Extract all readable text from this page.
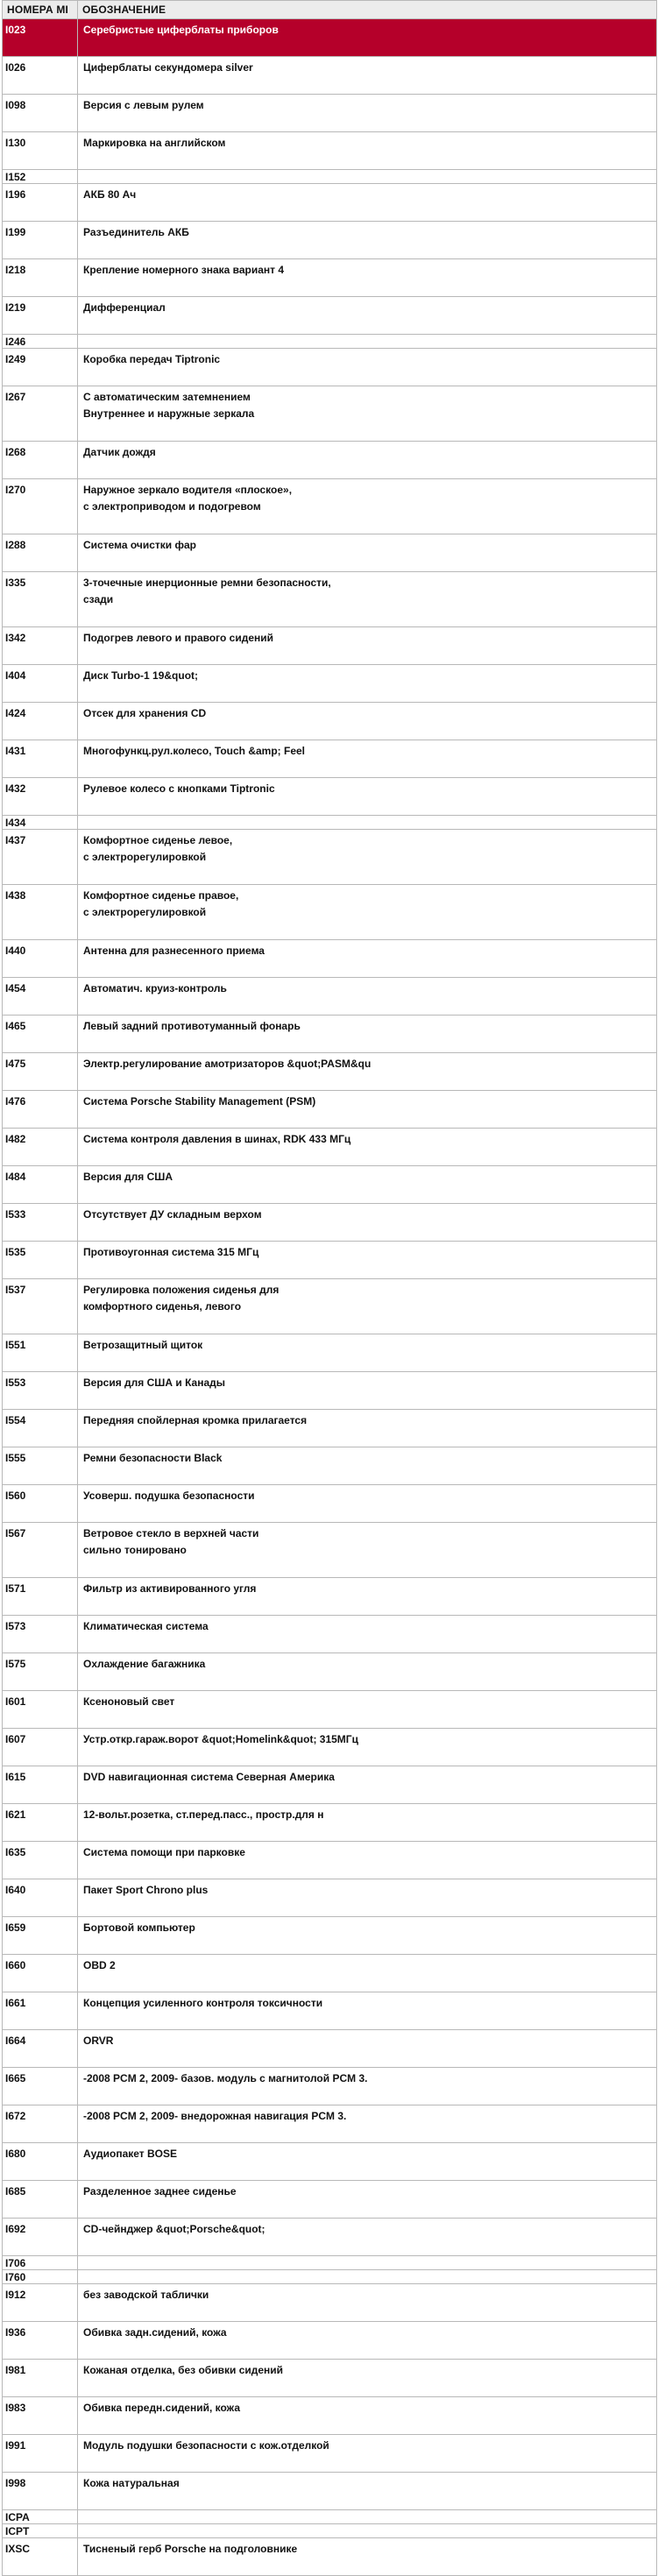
НОМЕРА МІ	ОБОЗНАЧЕНИЕ
I023	Серебристые циферблаты приборов

I026	Циферблаты секундомера silver

I098	Версия с левым рулем

I130	Маркировка на английском

I152	
I196	АКБ 80 Ач

I199	Разъединитель АКБ

I218	Крепление номерного знака вариант 4

I219	Дифференциал

I246	
I249	Коробка передач Tiptronic

I267	С автоматическим затемнением
Внутреннее и наружные зеркала

I268	Датчик дождя

I270	Наружное зеркало водителя «плоское»,
с электроприводом и подогревом

I288	Система очистки фар

I335	3-точечные инерционные ремни безопасности,
сзади

I342	Подогрев левого и правого сидений

I404	Диск Turbo-1 19&quot;

I424	Отсек для хранения CD

I431	Многофункц.рул.колесо, Touch &amp; Feel

I432	Рулевое колесо с кнопками Tiptronic

I434	
I437	Комфортное сиденье левое,
с электрорегулировкой

I438	Комфортное сиденье правое,
с электрорегулировкой

I440	Антенна для разнесенного приема

I454	Автоматич. круиз-контроль

I465	Левый задний противотуманный фонарь

I475	Электр.регулирование амотризаторов &quot;PASM&qu

I476	Система Porsche Stability Management (PSM)

I482	Система контроля давления в шинах, RDK 433 МГц

I484	Версия для США

I533	Отсутствует ДУ складным верхом

I535	Противоугонная система 315 МГц

I537	Регулировка положения сиденья для
комфортного сиденья, левого

I551	Ветрозащитный щиток

I553	Версия для США и Канады

I554	Передняя спойлерная кромка прилагается

I555	Ремни безопасности Black

I560	Усоверш. подушка безопасности

I567	Ветровое стекло в верхней части
сильно тонировано

I571	Фильтр из активированного угля

I573	Климатическая система

I575	Охлаждение багажника

I601	Ксеноновый свет

I607	Устр.откр.гараж.ворот &quot;Homelink&quot; 315МГц

I615	DVD навигационная система Северная Америка

I621	12-вольт.розетка, ст.перед.пасс., простр.для н

I635	Система помощи при парковке

I640	Пакет Sport Chrono plus

I659	Бортовой компьютер

I660	OBD 2

I661	Концепция усиленного контроля токсичности

I664	ORVR

I665	-2008 PCM 2, 2009- базов. модуль с магнитолой PCM 3.

I672	-2008 PCM 2, 2009- внедорожная навигация PCM 3.

I680	Аудиопакет BOSE

I685	Разделенное заднее сиденье

I692	CD-чейнджер &quot;Porsche&quot;

I706	
I760	
I912	без заводской таблички

I936	Обивка задн.сидений, кожа

I981	Кожаная отделка, без обивки сидений

I983	Обивка передн.сидений, кожа

I991	Модуль подушки безопасности с кож.отделкой

I998	Кожа натуральная

ICPA	
ICPT	
IXSC	Тисненый герб Porsche на подголовнике
